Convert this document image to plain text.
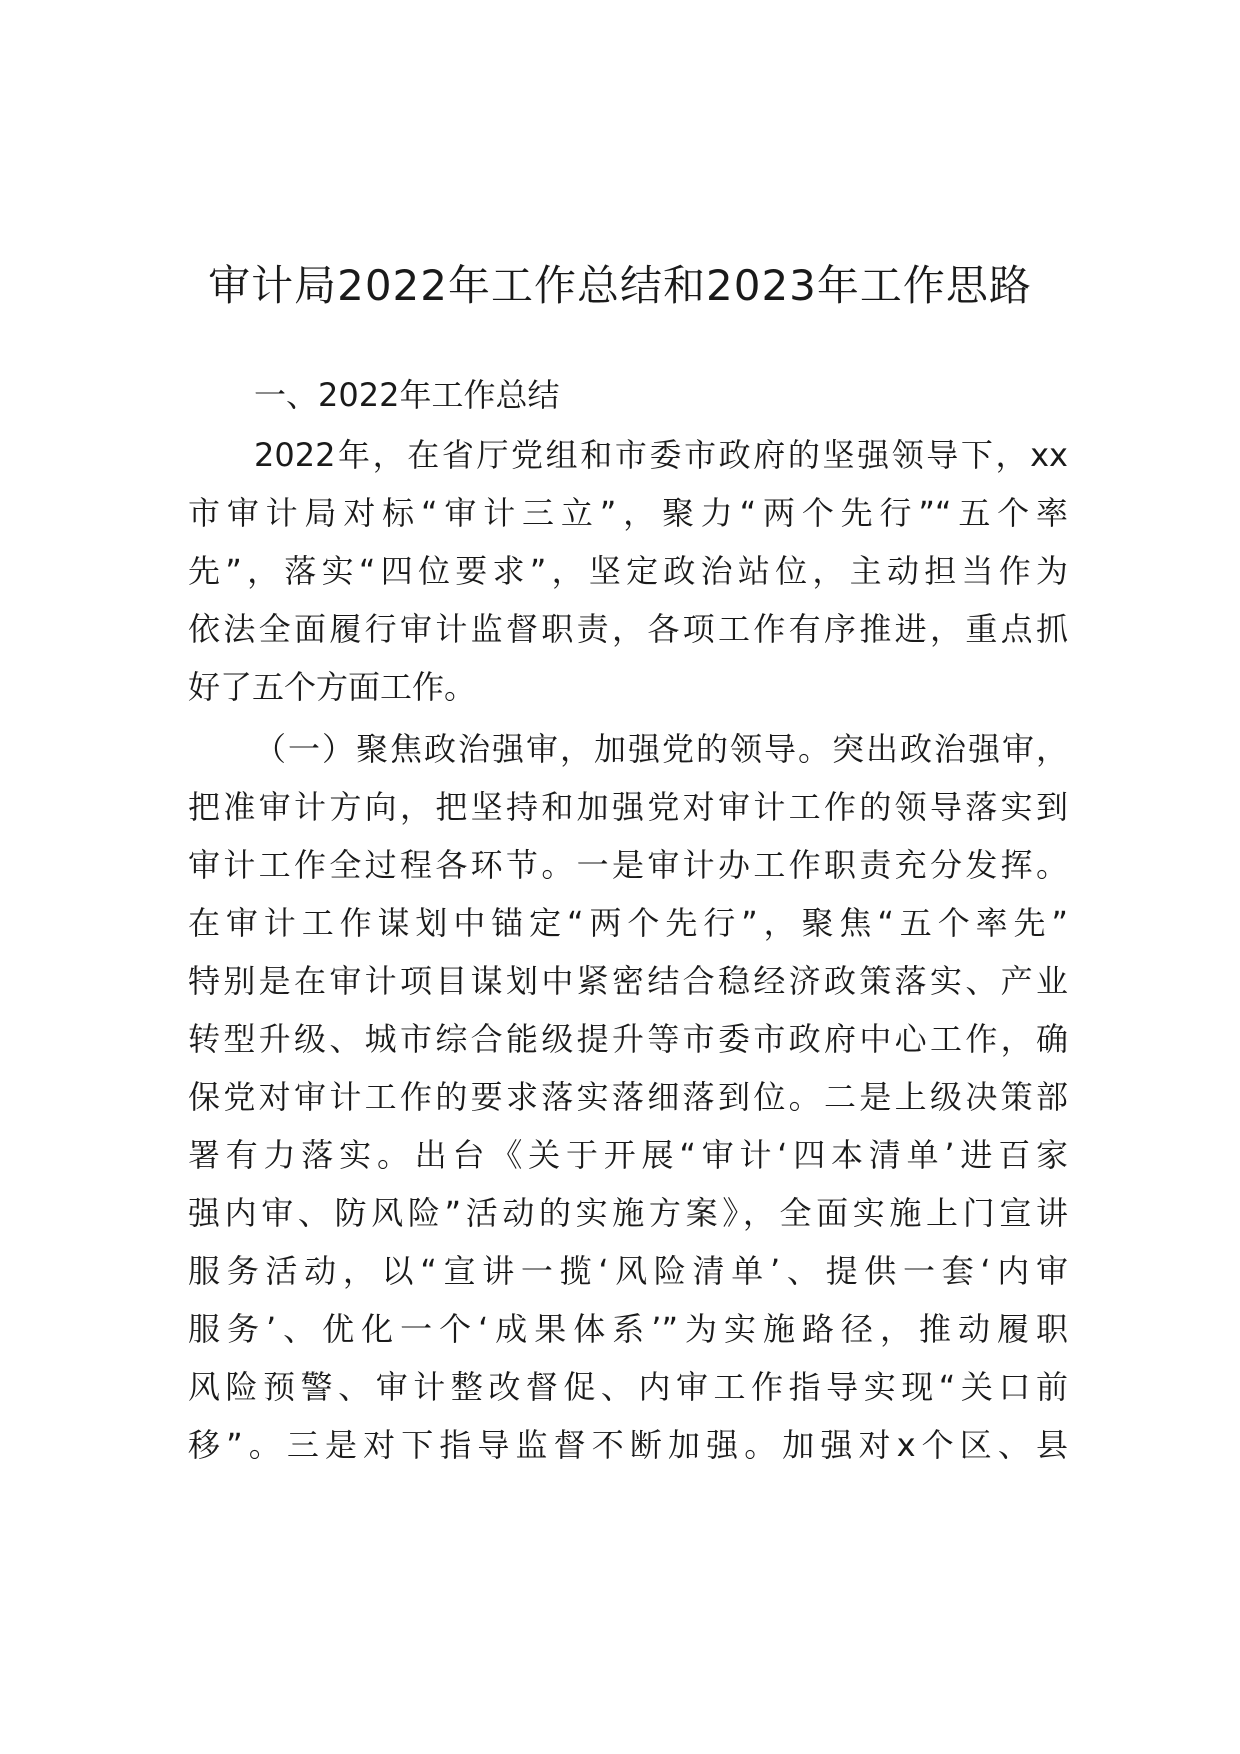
审计局2022年工作总结和2023年工作思路
一、2022年工作总结
2022年，在省厅党组和市委市政府的坚强领导下，xx
市审计局对标“审计三立”，聚力“两个先行”“五个率
先”，落实“四位要求”，坚定政治站位，主动担当作为
依法全面履行审计监督职责，各项工作有序推进，重点抓
好了五个方面工作。
（一）聚焦政治强审，加强党的领导。突出政治强审，
把准审计方向，把坚持和加强党对审计工作的领导落实到
审计工作全过程各环节。一是审计办工作职责充分发挥。
在审计工作谋划中锚定“两个先行”，聚焦“五个率先”
特别是在审计项目谋划中紧密结合稳经济政策落实、产业
转型升级、城市综合能级提升等市委市政府中心工作，确
保党对审计工作的要求落实落细落到位。二是上级决策部
署有力落实。出台《关于开展“审计‘四本清单’进百家
强内审、防风险”活动的实施方案》，全面实施上门宣讲
服务活动，以“宣讲一揽‘风险清单’、提供一套‘内审
服务’、优化一个‘成果体系’”为实施路径，推动履职
风险预警、审计整改督促、内审工作指导实现“关口前
移”。三是对下指导监督不断加强。加强对x个区、县
